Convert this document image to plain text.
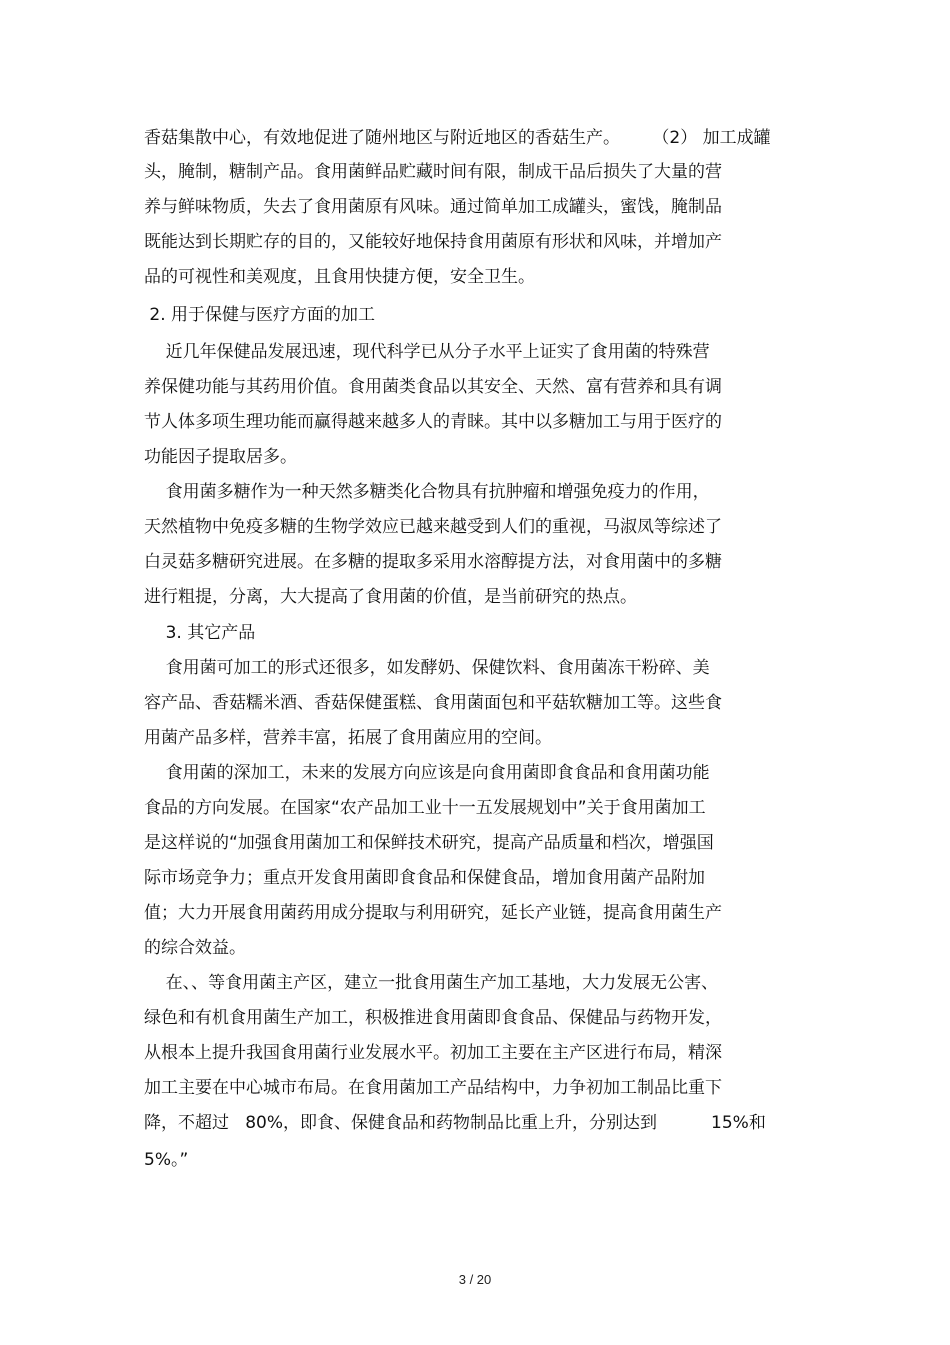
香菇集散中心，有效地促进了随州地区与附近地区的香菇生产。      （2） 加工成罐

头，腌制，糖制产品。食用菌鲜品贮藏时间有限，制成干品后损失了大量的营

养与鲜味物质，失去了食用菌原有风味。通过简单加工成罐头，蜜饯，腌制品

既能达到长期贮存的目的，又能较好地保持食用菌原有形状和风味，并增加产

品的可视性和美观度，且食用快捷方便，安全卫生。

2. 用于保健与医疗方面的加工

近几年保健品发展迅速，现代科学已从分子水平上证实了食用菌的特殊营

养保健功能与其药用价值。食用菌类食品以其安全、天然、富有营养和具有调

节人体多项生理功能而赢得越来越多人的青睐。其中以多糖加工与用于医疗的

功能因子提取居多。

食用菌多糖作为一种天然多糖类化合物具有抗肿瘤和增强免疫力的作用，

天然植物中免疫多糖的生物学效应已越来越受到人们的重视，马淑凤等综述了

白灵菇多糖研究进展。在多糖的提取多采用水溶醇提方法，对食用菌中的多糖

进行粗提，分离，大大提高了食用菌的价值，是当前研究的热点。

3. 其它产品

食用菌可加工的形式还很多，如发酵奶、保健饮料、食用菌冻干粉碎、美

容产品、香菇糯米酒、香菇保健蛋糕、食用菌面包和平菇软糖加工等。这些食

用菌产品多样，营养丰富，拓展了食用菌应用的空间。

食用菌的深加工，未来的发展方向应该是向食用菌即食食品和食用菌功能

食品的方向发展。在国家“农产品加工业十一五发展规划中”关于食用菌加工

是这样说的“加强食用菌加工和保鲜技术研究，提高产品质量和档次，增强国

际市场竞争力；重点开发食用菌即食食品和保健食品，增加食用菌产品附加

值；大力开展食用菌药用成分提取与利用研究，延长产业链，提高食用菌生产

的综合效益。

在、、等食用菌主产区，建立一批食用菌生产加工基地，大力发展无公害、

绿色和有机食用菌生产加工，积极推进食用菌即食食品、保健品与药物开发，

从根本上提升我国食用菌行业发展水平。初加工主要在主产区进行布局，精深

加工主要在中心城市布局。在食用菌加工产品结构中，力争初加工制品比重下

降，不超过   80%，即食、保健食品和药物制品比重上升，分别达到          15%和

5%。”

3 / 20
